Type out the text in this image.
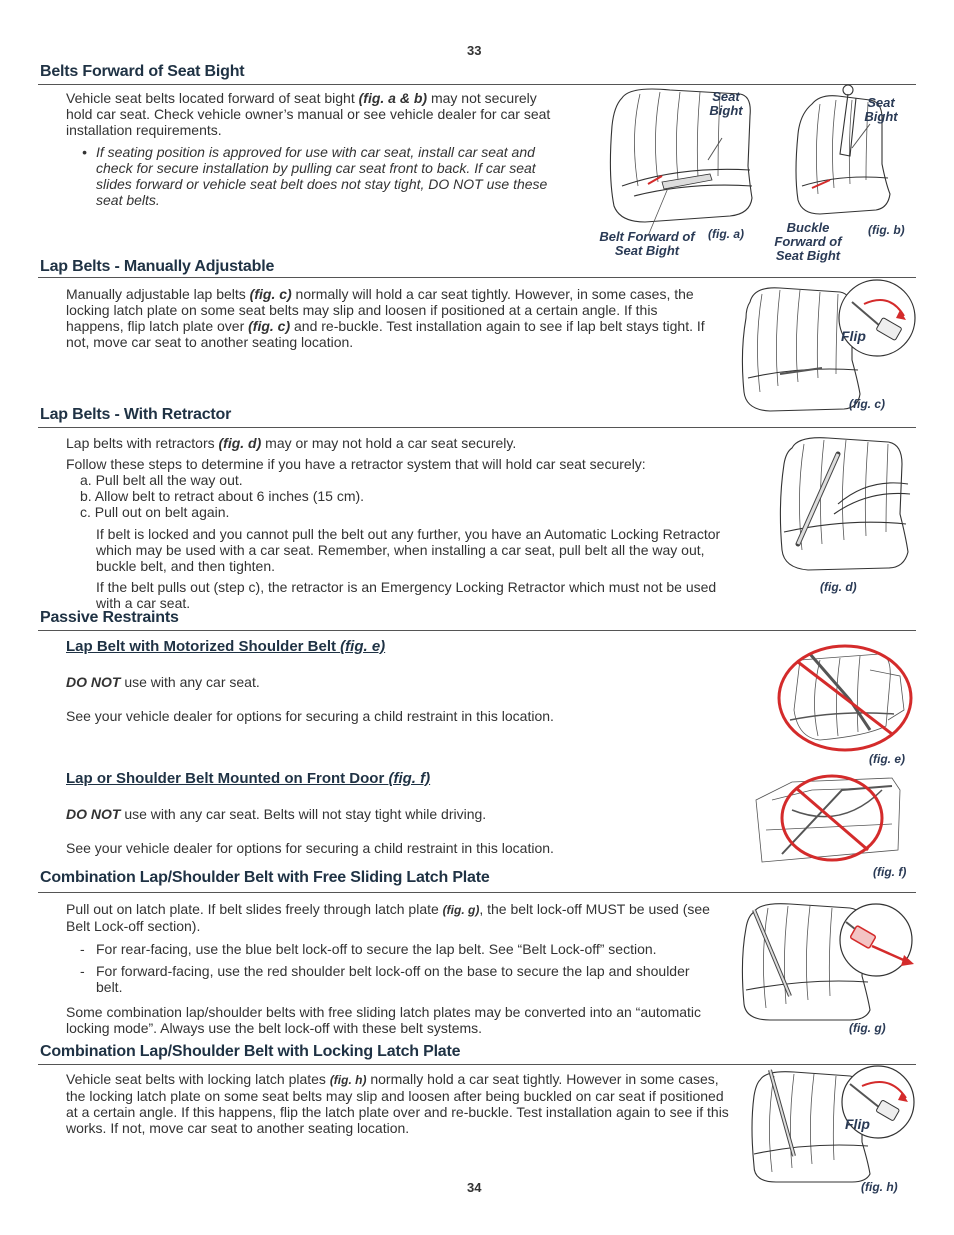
33
34
Belts Forward of Seat Bight

Vehicle seat belts located forward of seat bight (fig. a & b) may not securely hold car seat. Check vehicle owner’s manual or see vehicle dealer for car seat installation requirements.

• If seating position is approved for use with car seat, install car seat and check for secure installation by pulling car seat front to back. If car seat slides forward or vehicle seat belt does not stay tight, DO NOT use these seat belts.
Seat Bight
Belt Forward of Seat Bight
(fig. a)
Seat Bight
Buckle Forward of Seat Bight
(fig. b)
Lap Belts - Manually Adjustable

Manually adjustable lap belts (fig. c) normally will hold a car seat tightly. However, in some cases, the locking latch plate on some seat belts may slip and loosen if positioned at a certain angle. If this happens, flip latch plate over (fig. c) and re-buckle. Test installation again to see if lap belt stays tight. If not, move car seat to another seating location.	Flip
(fig. c)
Lap Belts - With Retractor

Lap belts with retractors (fig. d) may or may not hold a car seat securely.

Follow these steps to determine if you have a retractor system that will hold car seat securely:

a. Pull belt all the way out.

b. Allow belt to retract about 6 inches (15 cm).

c. Pull out on belt again.

If belt is locked and you cannot pull the belt out any further, you have an Automatic Locking Retractor which may be used with a car seat. Remember, when installing a car seat, pull belt all the way out, buckle belt, and then tighten.

If the belt pulls out (step c), the retractor is an Emergency Locking Retractor which must not be used with a car seat.

(fig. d)
Passive Restraints
Lap Belt with Motorized Shoulder Belt (fig. e)

DO NOT use with any car seat.

See your vehicle dealer for options for securing a child restraint in this location.

(fig. e)
Lap or Shoulder Belt Mounted on Front Door (fig. f)

DO NOT use with any car seat. Belts will not stay tight while driving.

See your vehicle dealer for options for securing a child restraint in this location.

(fig. f)
Combination Lap/Shoulder Belt with Free Sliding Latch Plate

Pull out on latch plate. If belt slides freely through latch plate (fig. g), the belt lock-off MUST be used (see Belt Lock-off section).

- For rear-facing, use the blue belt lock-off to secure the lap belt. See “Belt Lock-off” section.
- For forward-facing, use the red shoulder belt lock-off on the base to secure the lap and shoulder belt.

Some combination lap/shoulder belts with free sliding latch plates may be converted into an “automatic locking mode”. Always use the belt lock-off with these belt systems.	(fig. g)
Combination Lap/Shoulder Belt with Locking Latch Plate

Vehicle seat belts with locking latch plates (fig. h) normally hold a car seat tightly. However in some cases, the locking latch plate on some seat belts may slip and loosen after being buckled on car seat if positioned at a certain angle. If this happens, flip the latch plate over and re-buckle. Test installation again to see if this works. If not, move car seat to another seating location.	Flip
(fig. h)
